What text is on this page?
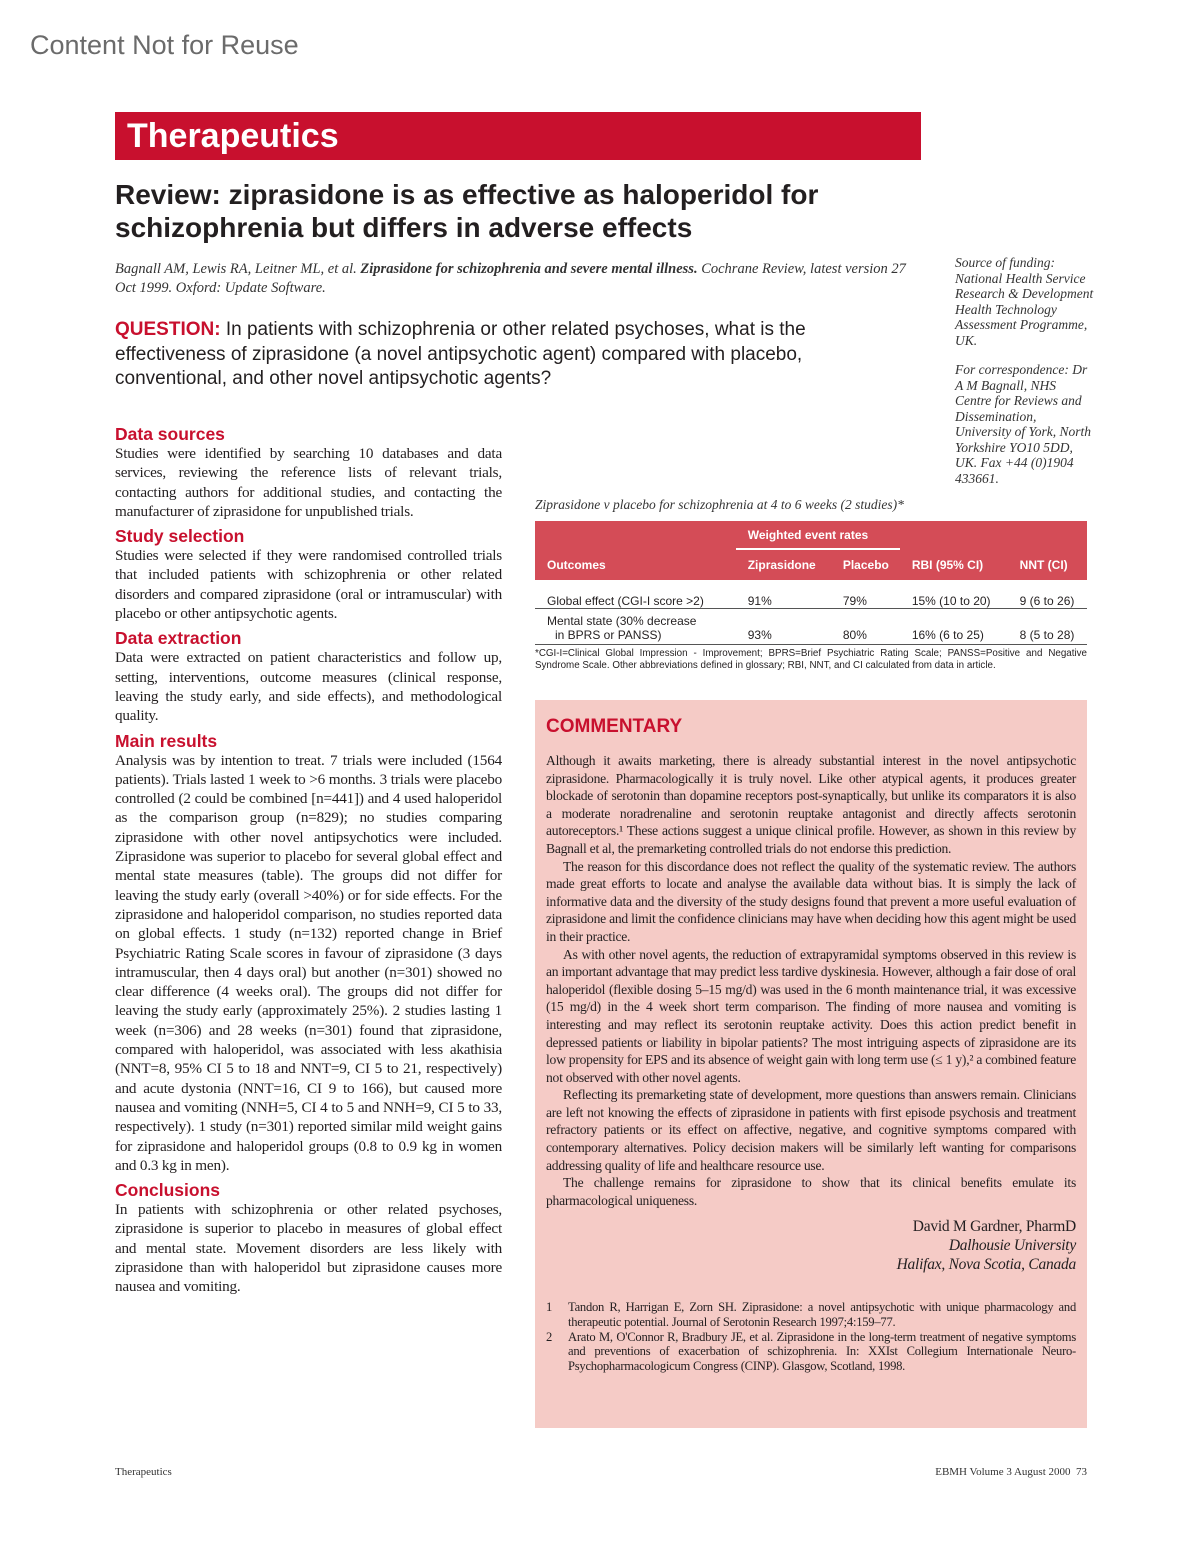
Content Not for Reuse
Therapeutics
Review: ziprasidone is as effective as haloperidol for schizophrenia but differs in adverse effects
Bagnall AM, Lewis RA, Leitner ML, et al. Ziprasidone for schizophrenia and severe mental illness. Cochrane Review, latest version 27 Oct 1999. Oxford: Update Software.
QUESTION: In patients with schizophrenia or other related psychoses, what is the effectiveness of ziprasidone (a novel antipsychotic agent) compared with placebo, conventional, and other novel antipsychotic agents?

Source of funding: National Health Service Research & Development Health Technology Assessment Programme, UK.

For correspondence: Dr A M Bagnall, NHS Centre for Reviews and Dissemination, University of York, North Yorkshire YO10 5DD, UK. Fax +44 (0)1904 433661.

Data sources

Studies were identified by searching 10 databases and data services, reviewing the reference lists of relevant trials, contacting authors for additional studies, and contacting the manufacturer of ziprasidone for unpublished trials.

Study selection

Studies were selected if they were randomised controlled trials that included patients with schizophrenia or other related disorders and compared ziprasidone (oral or intramuscular) with placebo or other antipsychotic agents.

Data extraction

Data were extracted on patient characteristics and follow up, setting, interventions, outcome measures (clinical response, leaving the study early, and side effects), and methodological quality.

Main results

Analysis was by intention to treat. 7 trials were included (1564 patients). Trials lasted 1 week to >6 months. 3 trials were placebo controlled (2 could be combined [n=441]) and 4 used haloperidol as the comparison group (n=829); no studies comparing ziprasidone with other novel antipsychotics were included. Ziprasidone was superior to placebo for several global effect and mental state measures (table). The groups did not differ for leaving the study early (overall >40%) or for side effects. For the ziprasidone and haloperidol comparison, no studies reported data on global effects. 1 study (n=132) reported change in Brief Psychiatric Rating Scale scores in favour of ziprasidone (3 days intramuscular, then 4 days oral) but another (n=301) showed no clear difference (4 weeks oral). The groups did not differ for leaving the study early (approximately 25%). 2 studies lasting 1 week (n=306) and 28 weeks (n=301) found that ziprasidone, compared with haloperidol, was associated with less akathisia (NNT=8, 95% CI 5 to 18 and NNT=9, CI 5 to 21, respectively) and acute dystonia (NNT=16, CI 9 to 166), but caused more nausea and vomiting (NNH=5, CI 4 to 5 and NNH=9, CI 5 to 33, respectively). 1 study (n=301) reported similar mild weight gains for ziprasidone and haloperidol groups (0.8 to 0.9 kg in women and 0.3 kg in men).

Conclusions

In patients with schizophrenia or other related psychoses, ziprasidone is superior to placebo in measures of global effect and mental state. Movement disorders are less likely with ziprasidone than with haloperidol but ziprasidone causes more nausea and vomiting.

Ziprasidone v placebo for schizophrenia at 4 to 6 weeks (2 studies)*
	Weighted event rates			
Outcomes	Ziprasidone	Placebo	RBI (95% CI)	NNT (CI)
Global effect (CGI-I score >2)	91%	79%	15% (10 to 20)	9 (6 to 26)
Mental state (30% decrease
in BPRS or PANSS)	93%	80%	16% (6 to 25)	8 (5 to 28)
*CGI-I=Clinical Global Impression - Improvement; BPRS=Brief Psychiatric Rating Scale; PANSS=Positive and Negative Syndrome Scale. Other abbreviations defined in glossary; RBI, NNT, and CI calculated from data in article.
COMMENTARY

Although it awaits marketing, there is already substantial interest in the novel antipsychotic ziprasidone. Pharmacologically it is truly novel. Like other atypical agents, it produces greater blockade of serotonin than dopamine receptors post-synaptically, but unlike its comparators it is also a moderate noradrenaline and serotonin reuptake antagonist and directly affects serotonin autoreceptors.¹ These actions suggest a unique clinical profile. However, as shown in this review by Bagnall et al, the premarketing controlled trials do not endorse this prediction.

The reason for this discordance does not reflect the quality of the systematic review. The authors made great efforts to locate and analyse the available data without bias. It is simply the lack of informative data and the diversity of the study designs found that prevent a more useful evaluation of ziprasidone and limit the confidence clinicians may have when deciding how this agent might be used in their practice.

As with other novel agents, the reduction of extrapyramidal symptoms observed in this review is an important advantage that may predict less tardive dyskinesia. However, although a fair dose of oral haloperidol (flexible dosing 5–15 mg/d) was used in the 6 month maintenance trial, it was excessive (15 mg/d) in the 4 week short term comparison. The finding of more nausea and vomiting is interesting and may reflect its serotonin reuptake activity. Does this action predict benefit in depressed patients or liability in bipolar patients? The most intriguing aspects of ziprasidone are its low propensity for EPS and its absence of weight gain with long term use (≤ 1 y),² a combined feature not observed with other novel agents.

Reflecting its premarketing state of development, more questions than answers remain. Clinicians are left not knowing the effects of ziprasidone in patients with first episode psychosis and treatment refractory patients or its effect on affective, negative, and cognitive symptoms compared with contemporary alternatives. Policy decision makers will be similarly left wanting for comparisons addressing quality of life and healthcare resource use.

The challenge remains for ziprasidone to show that its clinical benefits emulate its pharmacological uniqueness.

David M Gardner, PharmD
Dalhousie University
Halifax, Nova Scotia, Canada
1	Tandon R, Harrigan E, Zorn SH. Ziprasidone: a novel antipsychotic with unique pharmacology and therapeutic potential. Journal of Serotonin Research 1997;4:159–77.
2	Arato M, O'Connor R, Bradbury JE, et al. Ziprasidone in the long-term treatment of negative symptoms and preventions of exacerbation of schizophrenia. In: XXIst Collegium Internationale Neuro-Psychopharmacologicum Congress (CINP). Glasgow, Scotland, 1998.
Therapeutics	EBMH Volume 3 August 2000  73
